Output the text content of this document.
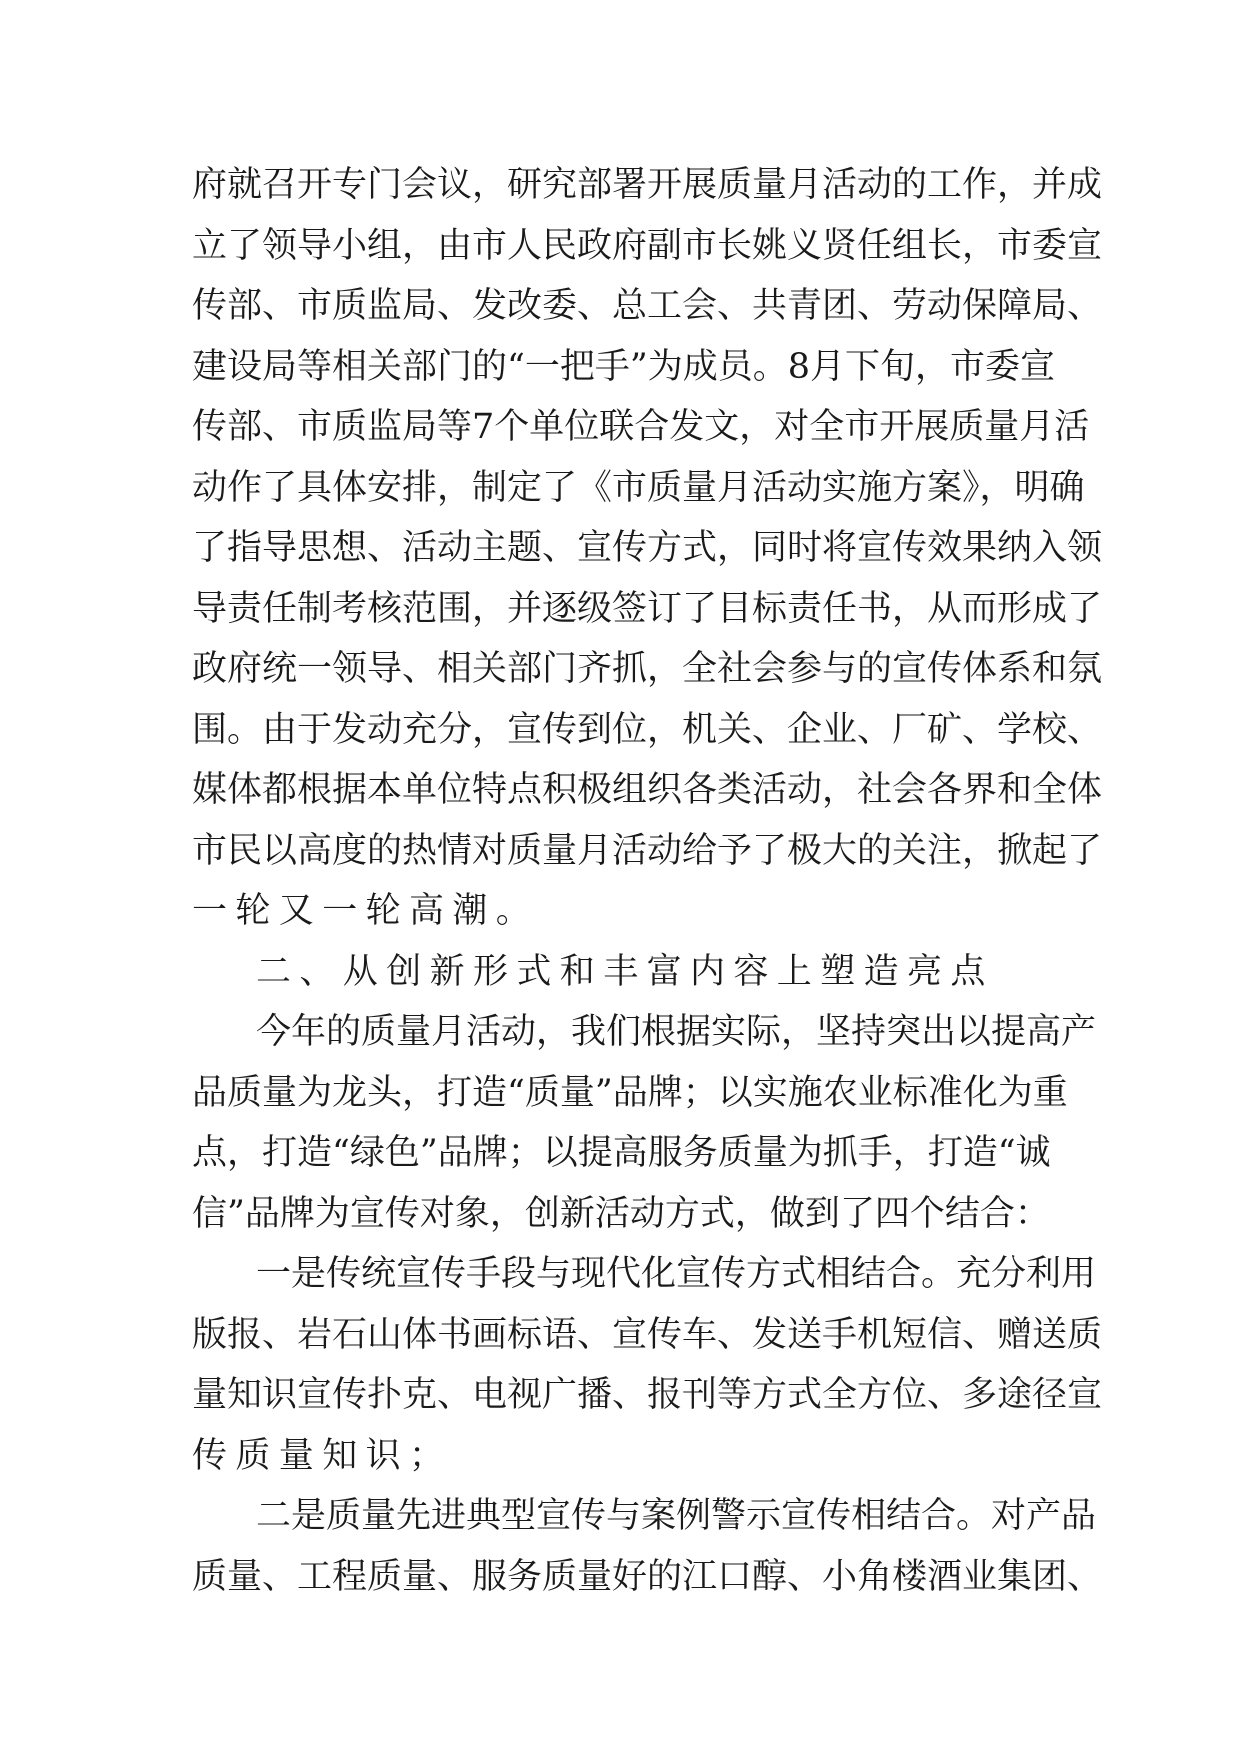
府就召开专门会议，研究部署开展质量月活动的工作，并成

立了领导小组，由市人民政府副市长姚义贤任组长，市委宣

传部、市质监局、发改委、总工会、共青团、劳动保障局、

建设局等相关部门的“一把手”为成员。8月下旬，市委宣

传部、市质监局等7个单位联合发文，对全市开展质量月活

动作了具体安排，制定了《市质量月活动实施方案》，明确

了指导思想、活动主题、宣传方式，同时将宣传效果纳入领

导责任制考核范围，并逐级签订了目标责任书，从而形成了

政府统一领导、相关部门齐抓，全社会参与的宣传体系和氛

围。由于发动充分，宣传到位，机关、企业、厂矿、学校、

媒体都根据本单位特点积极组织各类活动，社会各界和全体

市民以高度的热情对质量月活动给予了极大的关注，掀起了

一轮又一轮高潮。

二、从创新形式和丰富内容上塑造亮点

今年的质量月活动，我们根据实际，坚持突出以提高产

品质量为龙头，打造“质量”品牌；以实施农业标准化为重

点，打造“绿色”品牌；以提高服务质量为抓手，打造“诚

信”品牌为宣传对象，创新活动方式，做到了四个结合：

一是传统宣传手段与现代化宣传方式相结合。充分利用

版报、岩石山体书画标语、宣传车、发送手机短信、赠送质

量知识宣传扑克、电视广播、报刊等方式全方位、多途径宣

传质量知识；

二是质量先进典型宣传与案例警示宣传相结合。对产品

质量、工程质量、服务质量好的江口醇、小角楼酒业集团、
